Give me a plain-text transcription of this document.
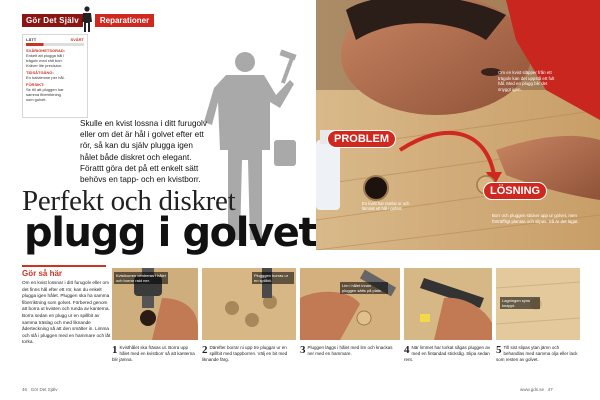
Gör Det Själv	Reparationer
LÄTT	SVÅRT
SVÅRIGHETSGRAD:
Enkelt att plugga hål i
trägolv med rätt borr.
Kräver lite precision.
TIDSÅTGÅNG:
En halvtimme per hål.
FÖRSIKT:
Se till att pluggen har
samma fiberriktning
som golvet.
Skulle en kvist lossna i ditt furugolv eller om det är hål i golvet efter ett rör, så kan du själv plugga igen hålet både diskret och elegant. Förattt göra det på ett enkelt sätt behövs en tapp- och en kvistborr.
Perfekt och diskret
plugg i golvet
Om en kvist släpper från ett trägolv kan det uppstå ett fult hål. Med en plugg blir det snyggt igen.
En kvist har ramlat ur och lämnat ett hål i golvet.
Borr och pluggen sticker upp ur golvet, men förträffligt plantas och slipas. Så är det lagat.
PROBLEM
LÖSNING
Gör så här
Om en kvist lossnar i ditt furugolv eller om det finns hål efter ett rör, kan du enkelt plugga igen hålet. Pluggen ska ha samma fiberriktning som golvet. Förbered genom att borra ut kvisten och runda av kanterna. Borra sedan en plugg ur en spillbit av samma träslag och med liknande åderteckning så att den smälter in. Limma och slå i pluggen med en hammare och låt torka.
Kvistborren centreras i hålet och borrar rakt ner.
Plugggen borras ur en spillbit.
Lim i hålet innan pluggen sätts på plats.
Lagningen syns knappt.
1 Kvisthålet ska fräsas ut. Borra upp hålet med en kvistborr så att kanterna blir jämna.
2 Därefter borrar ni upp tre pluggar ur en spillbit med tappborren. Välj en bit med liknande färg.
3 Pluggen läggs i hålet med lim och knackas ner med en hammare.	4 När limmet har torkat sågas pluggen av med en fintandad sticksåg. Slipa sedan rent.
5 Till sist slipas ytan jämn och behandlas med samma olja eller lack som resten av golvet.
46 Gör Det Själv	www.gds.se 47
